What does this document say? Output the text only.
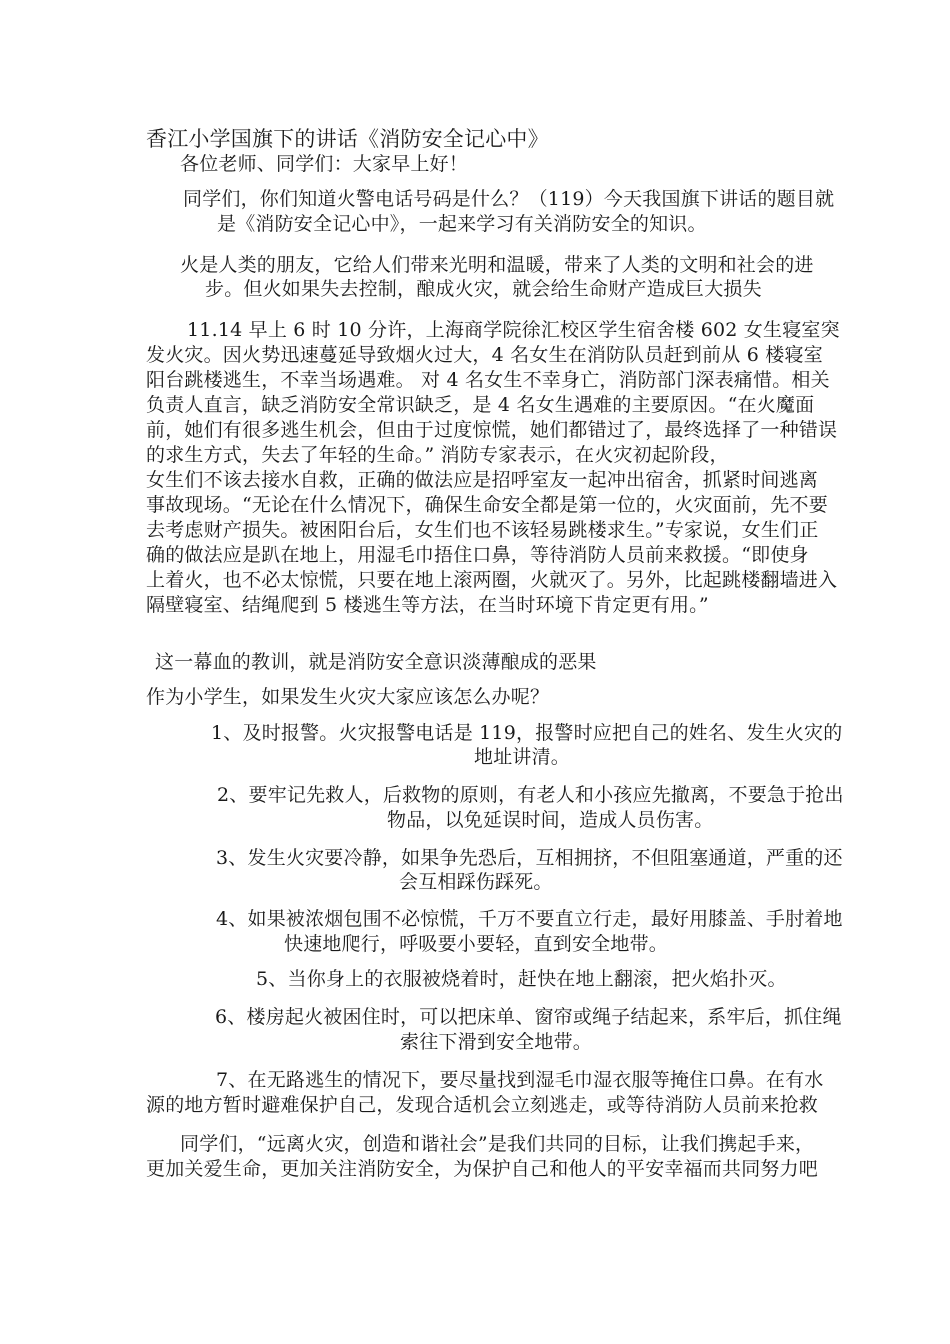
香江小学国旗下的讲话《消防安全记心中》
各位老师、同学们：大家早上好！
同学们，你们知道火警电话号码是什么？（119）今天我国旗下讲话的题目就
是《消防安全记心中》，一起来学习有关消防安全的知识。
火是人类的朋友，它给人们带来光明和温暖，带来了人类的文明和社会的进
步。但火如果失去控制，酿成火灾，就会给生命财产造成巨大损失
11.14 早上 6 时 10 分许，上海商学院徐汇校区学生宿舍楼 602 女生寝室突
发火灾。因火势迅速蔓延导致烟火过大，4 名女生在消防队员赶到前从 6 楼寝室
阳台跳楼逃生，不幸当场遇难。 对 4 名女生不幸身亡，消防部门深表痛惜。相关
负责人直言，缺乏消防安全常识缺乏，是 4 名女生遇难的主要原因。“在火魔面
前，她们有很多逃生机会，但由于过度惊慌，她们都错过了，最终选择了一种错误
的求生方式，失去了年轻的生命。” 消防专家表示，在火灾初起阶段，
女生们不该去接水自救，正确的做法应是招呼室友一起冲出宿舍，抓紧时间逃离
事故现场。“无论在什么情况下，确保生命安全都是第一位的，火灾面前，先不要
去考虑财产损失。被困阳台后，女生们也不该轻易跳楼求生。”专家说，女生们正
确的做法应是趴在地上，用湿毛巾捂住口鼻，等待消防人员前来救援。“即使身
上着火，也不必太惊慌，只要在地上滚两圈，火就灭了。另外，比起跳楼翻墙进入
隔壁寝室、结绳爬到 5 楼逃生等方法，在当时环境下肯定更有用。”
这一幕血的教训，就是消防安全意识淡薄酿成的恶果
作为小学生，如果发生火灾大家应该怎么办呢？
1、及时报警。火灾报警电话是 119，报警时应把自己的姓名、发生火灾的
地址讲清。
2、要牢记先救人，后救物的原则，有老人和小孩应先撤离，不要急于抢出
物品，以免延误时间，造成人员伤害。
3、发生火灾要冷静，如果争先恐后，互相拥挤，不但阻塞通道，严重的还
会互相踩伤踩死。
4、如果被浓烟包围不必惊慌，千万不要直立行走，最好用膝盖、手肘着地
快速地爬行，呼吸要小要轻，直到安全地带。
5、当你身上的衣服被烧着时，赶快在地上翻滚，把火焰扑灭。
6、楼房起火被困住时，可以把床单、窗帘或绳子结起来，系牢后，抓住绳
索往下滑到安全地带。
7、在无路逃生的情况下，要尽量找到湿毛巾湿衣服等掩住口鼻。在有水
源的地方暂时避难保护自己，发现合适机会立刻逃走，或等待消防人员前来抢救
同学们，“远离火灾，创造和谐社会”是我们共同的目标，让我们携起手来，
更加关爱生命，更加关注消防安全，为保护自己和他人的平安幸福而共同努力吧
